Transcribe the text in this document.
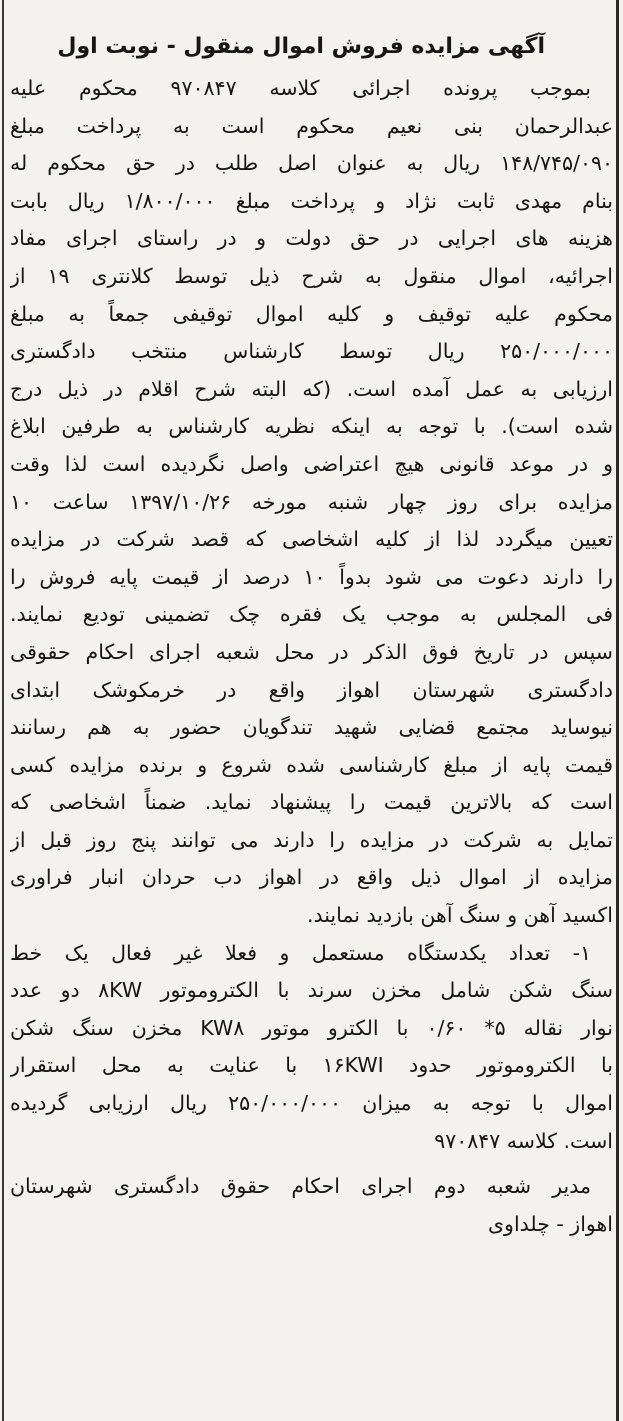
آگهی مزایده فروش اموال منقول - نوبت اول
بموجب پرونده اجرائی کلاسه ۹۷۰۸۴۷ محکوم علیه
عبدالرحمان بنی نعیم محکوم است به پرداخت مبلغ
۱۴۸/۷۴۵/۰۹۰ ریال به عنوان اصل طلب در حق محکوم له
بنام مهدی ثابت نژاد و پرداخت مبلغ ۱/۸۰۰/۰۰۰ ریال بابت
هزینه های اجرایی در حق دولت و در راستای اجرای مفاد
اجرائیه، اموال منقول به شرح ذیل توسط کلانتری ۱۹ از
محکوم علیه توقیف و کلیه اموال توقیفی جمعاً به مبلغ
۲۵۰/۰۰۰/۰۰۰ ریال توسط کارشناس منتخب دادگستری
ارزیابی به عمل آمده است. (که البته شرح اقلام در ذیل درج
شده است). با توجه به اینکه نظریه کارشناس به طرفین ابلاغ
و در موعد قانونی هیچ اعتراضی واصل نگردیده است لذا وقت
مزایده برای روز چهار شنبه مورخه ۱۳۹۷/۱۰/۲۶ ساعت ۱۰
تعیین میگردد لذا از کلیه اشخاصی که قصد شرکت در مزایده
را دارند دعوت می شود بدواً ۱۰ درصد از قیمت پایه فروش را
فی المجلس به موجب یک فقره چک تضمینی تودیع نمایند.
سپس در تاریخ فوق الذکر در محل شعبه اجرای احکام حقوقی
دادگستری شهرستان اهواز واقع در خرمکوشک ابتدای
نیوساید مجتمع قضایی شهید تندگویان حضور به هم رسانند
قیمت پایه از مبلغ کارشناسی شده شروع و برنده مزایده کسی
است که بالاترین قیمت را پیشنهاد نماید. ضمناً اشخاصی که
تمایل به شرکت در مزایده را دارند می توانند پنج روز قبل از
مزایده از اموال ذیل واقع در اهواز دب حردان انبار فراوری
اکسید آهن و سنگ آهن بازدید نمایند.
۱- تعداد یکدستگاه مستعمل و فعلا غیر فعال یک خط
سنگ شکن شامل مخزن سرند با الکتروموتور ۸KW دو عدد
نوار نقاله ۵* ۰/۶۰ با الکترو موتور KW۸ مخزن سنگ شکن
با الکتروموتور حدود ۱۶KWI با عنایت به محل استقرار
اموال با توجه به میزان ۲۵۰/۰۰۰/۰۰۰ ریال ارزیابی گردیده
است. کلاسه ۹۷۰۸۴۷
مدیر شعبه دوم اجرای احکام حقوق دادگستری شهرستان
اهواز - چلداوی
